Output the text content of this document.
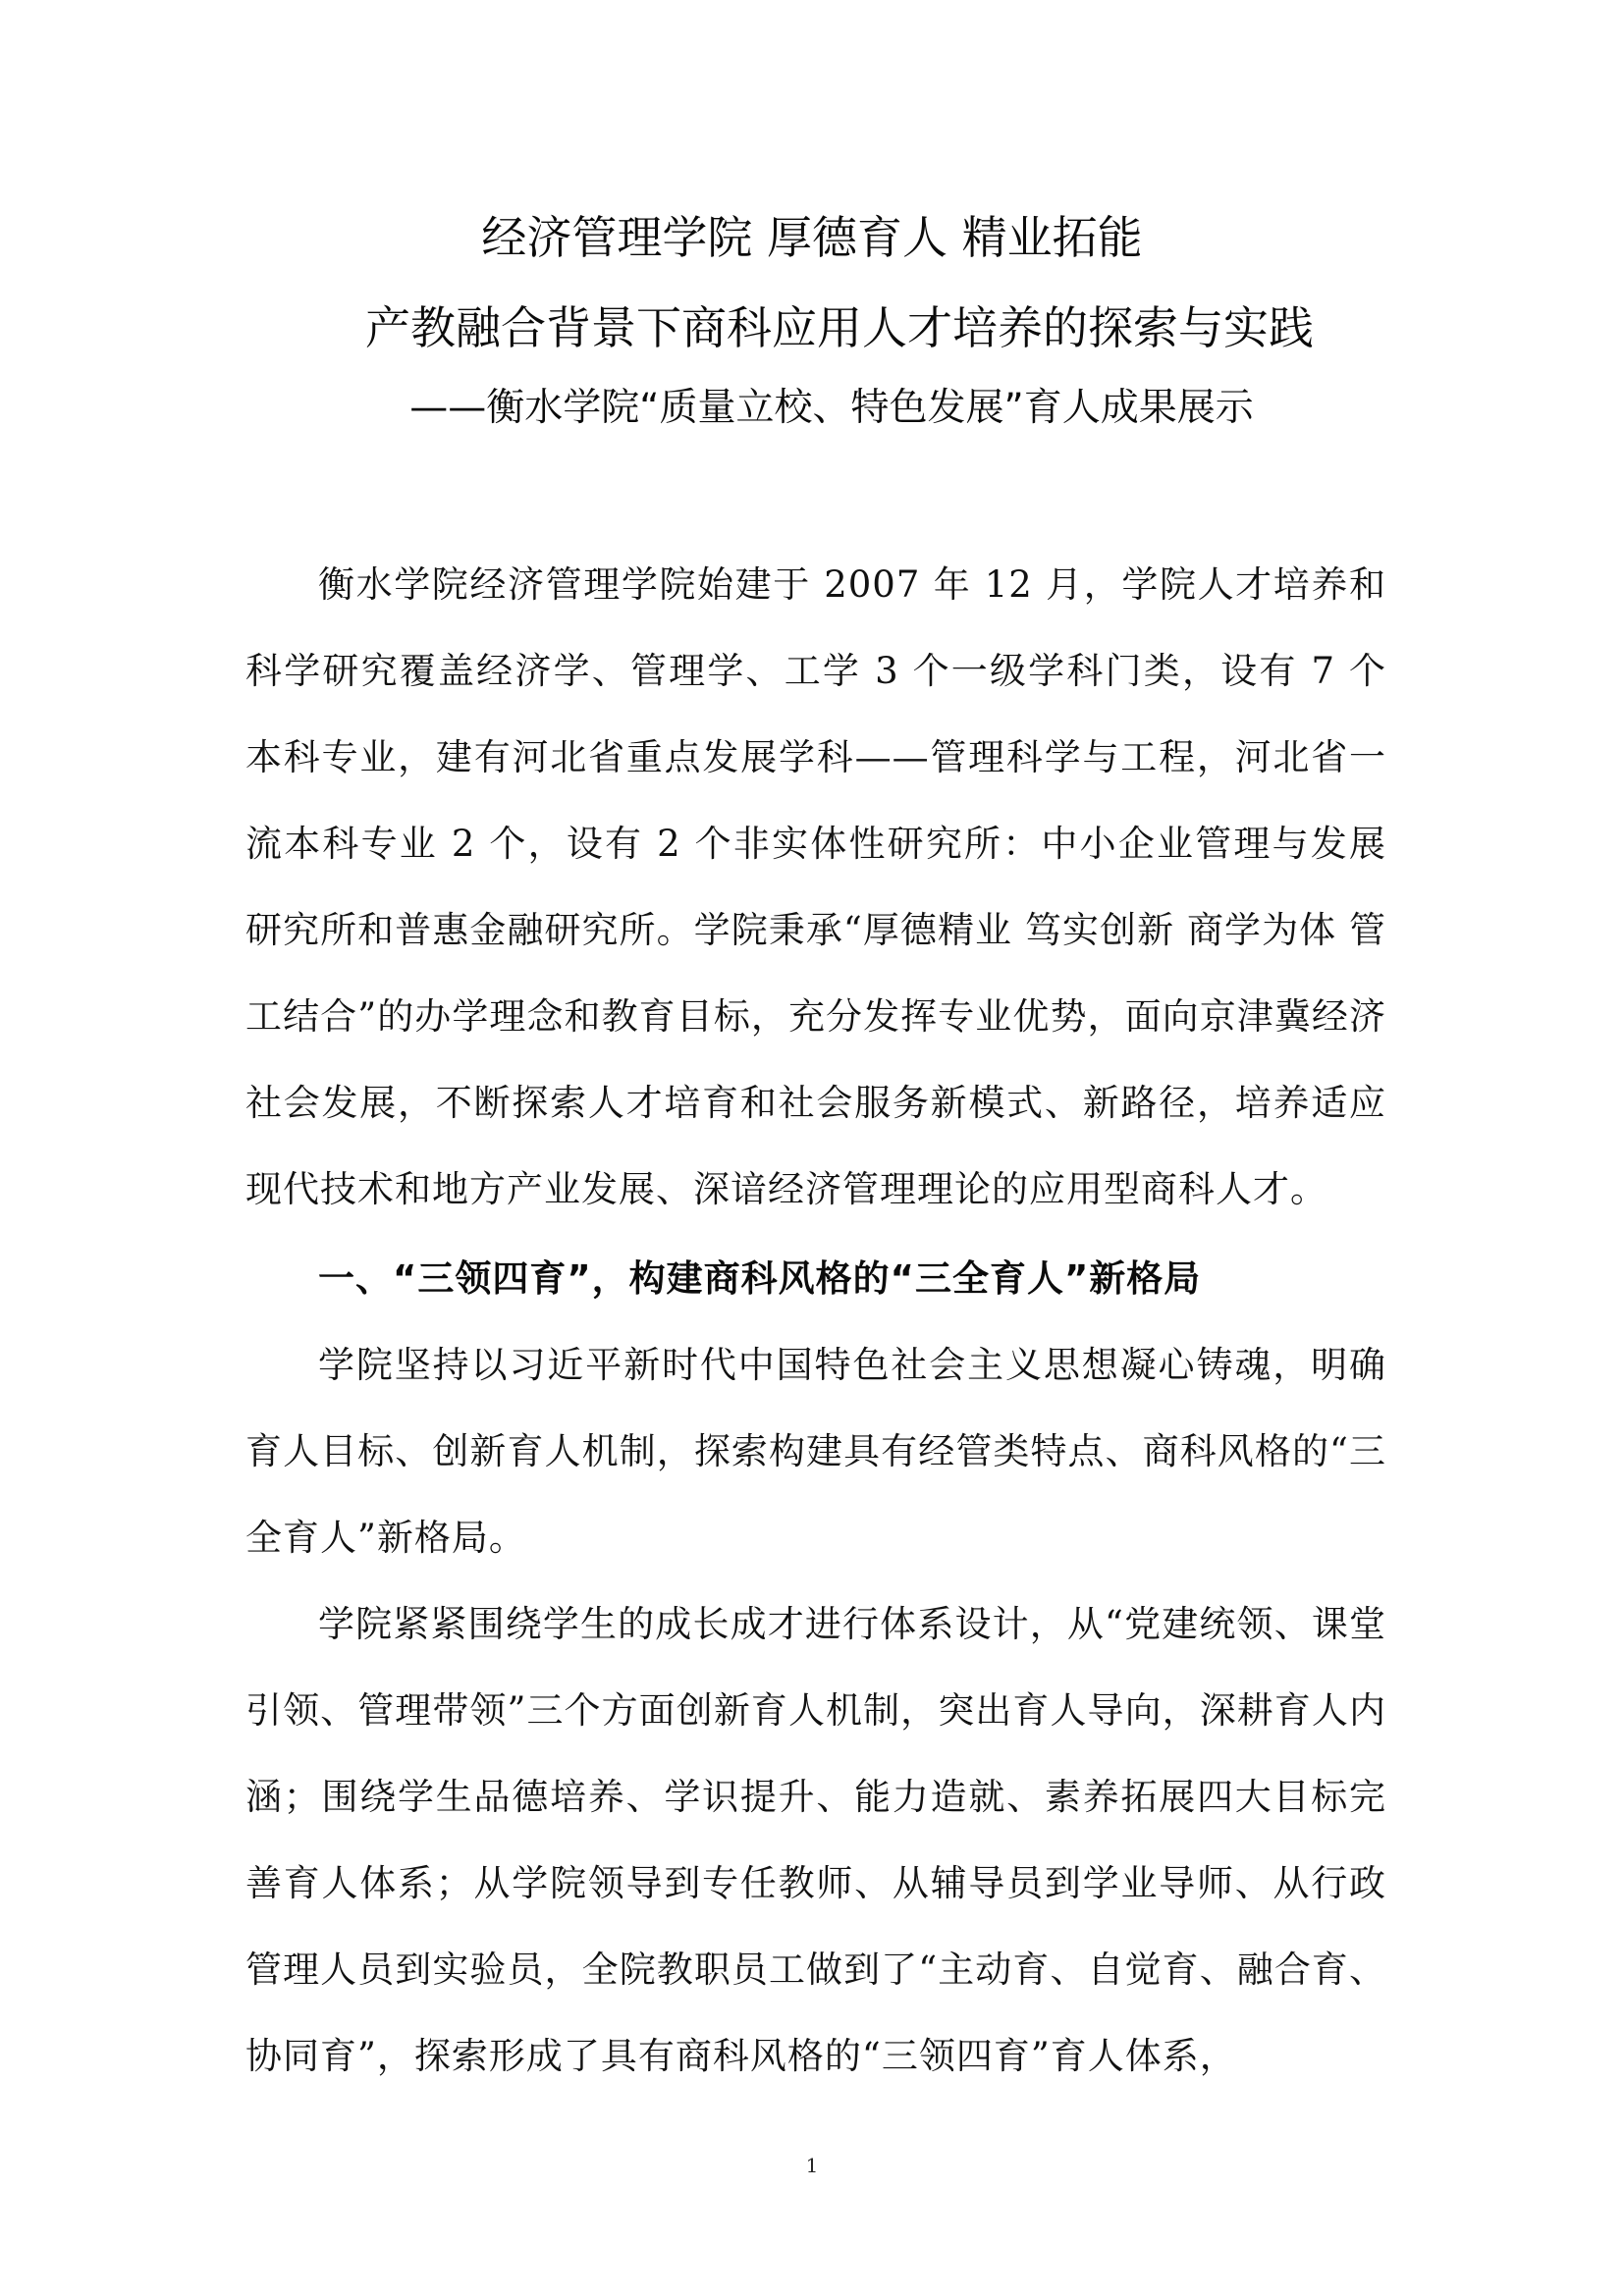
经济管理学院 厚德育人 精业拓能
产教融合背景下商科应用人才培养的探索与实践
——衡水学院“质量立校、特色发展”育人成果展示
衡水学院经济管理学院始建于 2007 年 12 月，学院人才培养和科学研究覆盖经济学、管理学、工学 3 个一级学科门类，设有 7 个本科专业，建有河北省重点发展学科——管理科学与工程，河北省一流本科专业 2 个，设有 2 个非实体性研究所：中小企业管理与发展研究所和普惠金融研究所。学院秉承“厚德精业 笃实创新 商学为体 管工结合”的办学理念和教育目标，充分发挥专业优势，面向京津冀经济社会发展，不断探索人才培育和社会服务新模式、新路径，培养适应现代技术和地方产业发展、深谙经济管理理论的应用型商科人才。
一、“三领四育”，构建商科风格的“三全育人”新格局
学院坚持以习近平新时代中国特色社会主义思想凝心铸魂，明确育人目标、创新育人机制，探索构建具有经管类特点、商科风格的“三全育人”新格局。
学院紧紧围绕学生的成长成才进行体系设计，从“党建统领、课堂引领、管理带领”三个方面创新育人机制，突出育人导向，深耕育人内涵；围绕学生品德培养、学识提升、能力造就、素养拓展四大目标完善育人体系；从学院领导到专任教师、从辅导员到学业导师、从行政管理人员到实验员，全院教职员工做到了“主动育、自觉育、融合育、协同育”，探索形成了具有商科风格的“三领四育”育人体系，
1
